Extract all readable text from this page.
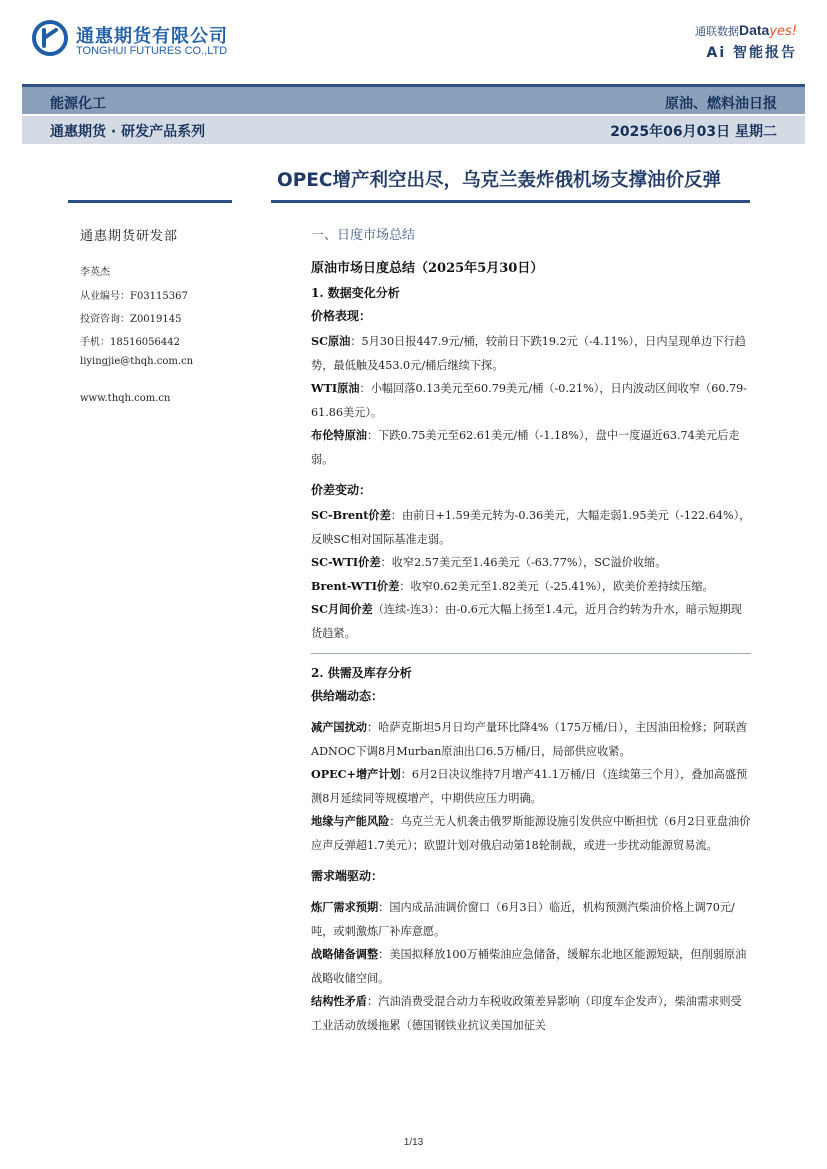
通惠期货有限公司
TONGHUI FUTURES CO.,LTD
通联数据Datayes!
Ai 智能报告
能源化工	原油、燃料油日报
通惠期货 · 研发产品系列	2025年06月03日 星期二
OPEC增产利空出尽，乌克兰轰炸俄机场支撑油价反弹
通惠期货研发部
李英杰
从业编号：F03115367
投资咨询：Z0019145
手机：18516056442
liyingjie@thqh.com.cn
www.thqh.com.cn
一、日度市场总结
原油市场日度总结（2025年5月30日）
1. 数据变化分析
价格表现：
SC原油：5月30日报447.9元/桶，较前日下跌19.2元（-4.11%），日内呈现单边下行趋势，最低触及453.0元/桶后继续下探。
WTI原油：小幅回落0.13美元至60.79美元/桶（-0.21%），日内波动区间收窄（60.79-61.86美元）。
布伦特原油：下跌0.75美元至62.61美元/桶（-1.18%），盘中一度逼近63.74美元后走弱。
价差变动：
SC-Brent价差：由前日+1.59美元转为-0.36美元，大幅走弱1.95美元（-122.64%），反映SC相对国际基准走弱。
SC-WTI价差：收窄2.57美元至1.46美元（-63.77%），SC溢价收缩。
Brent-WTI价差：收窄0.62美元至1.82美元（-25.41%），欧美价差持续压缩。
SC月间价差（连续-连3）：由-0.6元大幅上扬至1.4元，近月合约转为升水，暗示短期现货趋紧。
2. 供需及库存分析
供给端动态：
减产国扰动：哈萨克斯坦5月日均产量环比降4%（175万桶/日），主因油田检修；阿联酋ADNOC下调8月Murban原油出口6.5万桶/日，局部供应收紧。
OPEC+增产计划：6月2日决议维持7月增产41.1万桶/日（连续第三个月），叠加高盛预测8月延续同等规模增产，中期供应压力明确。
地缘与产能风险：乌克兰无人机袭击俄罗斯能源设施引发供应中断担忧（6月2日亚盘油价应声反弹超1.7美元）；欧盟计划对俄启动第18轮制裁，或进一步扰动能源贸易流。
需求端驱动：
炼厂需求预期：国内成品油调价窗口（6月3日）临近，机构预测汽柴油价格上调70元/吨，或刺激炼厂补库意愿。
战略储备调整：美国拟释放100万桶柴油应急储备，缓解东北地区能源短缺，但削弱原油战略收储空间。
结构性矛盾：汽油消费受混合动力车税收政策差异影响（印度车企发声），柴油需求则受工业活动放缓拖累（德国钢铁业抗议美国加征关
1/13
